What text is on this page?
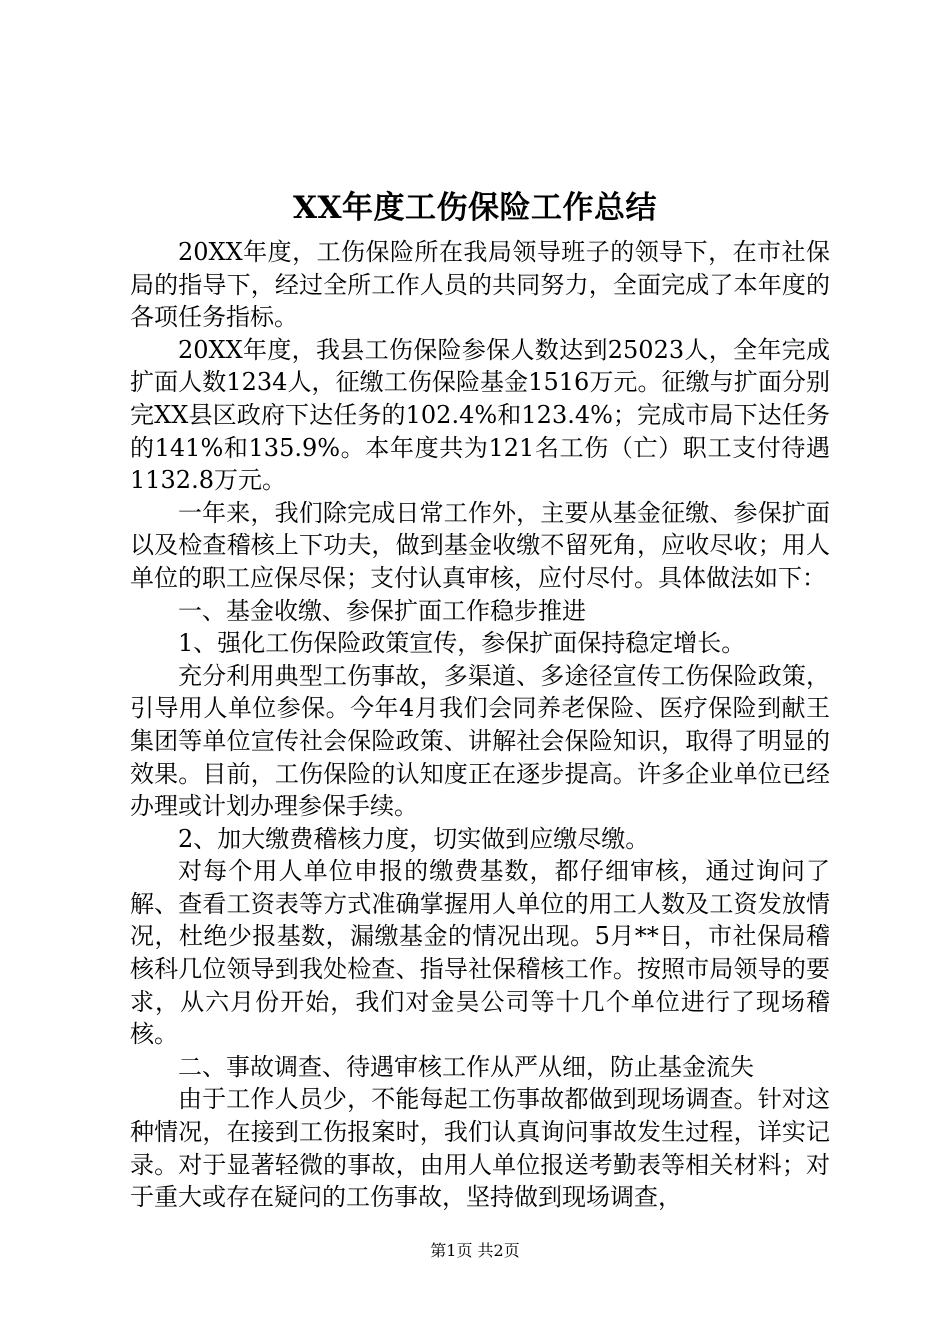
XX年度工伤保险工作总结

20XX年度，工伤保险所在我局领导班子的领导下，在市社保局的指导下，经过全所工作人员的共同努力，全面完成了本年度的各项任务指标。

20XX年度，我县工伤保险参保人数达到25023人，全年完成扩面人数1234人，征缴工伤保险基金1516万元。征缴与扩面分别完XX县区政府下达任务的102.4%和123.4%；完成市局下达任务的141%和135.9%。本年度共为121名工伤（亡）职工支付待遇1132.8万元。

一年来，我们除完成日常工作外，主要从基金征缴、参保扩面以及检查稽核上下功夫，做到基金收缴不留死角，应收尽收；用人单位的职工应保尽保；支付认真审核，应付尽付。具体做法如下：

一、基金收缴、参保扩面工作稳步推进

1、强化工伤保险政策宣传，参保扩面保持稳定增长。

充分利用典型工伤事故，多渠道、多途径宣传工伤保险政策，引导用人单位参保。今年4月我们会同养老保险、医疗保险到献王集团等单位宣传社会保险政策、讲解社会保险知识，取得了明显的效果。目前，工伤保险的认知度正在逐步提高。许多企业单位已经办理或计划办理参保手续。

2、加大缴费稽核力度，切实做到应缴尽缴。

对每个用人单位申报的缴费基数，都仔细审核，通过询问了解、查看工资表等方式准确掌握用人单位的用工人数及工资发放情况，杜绝少报基数，漏缴基金的情况出现。5月**日，市社保局稽核科几位领导到我处检查、指导社保稽核工作。按照市局领导的要求，从六月份开始，我们对金昊公司等十几个单位进行了现场稽核。

二、事故调查、待遇审核工作从严从细，防止基金流失

由于工作人员少，不能每起工伤事故都做到现场调查。针对这种情况，在接到工伤报案时，我们认真询问事故发生过程，详实记录。对于显著轻微的事故，由用人单位报送考勤表等相关材料；对于重大或存在疑问的工伤事故，坚持做到现场调查，

第1页 共2页
